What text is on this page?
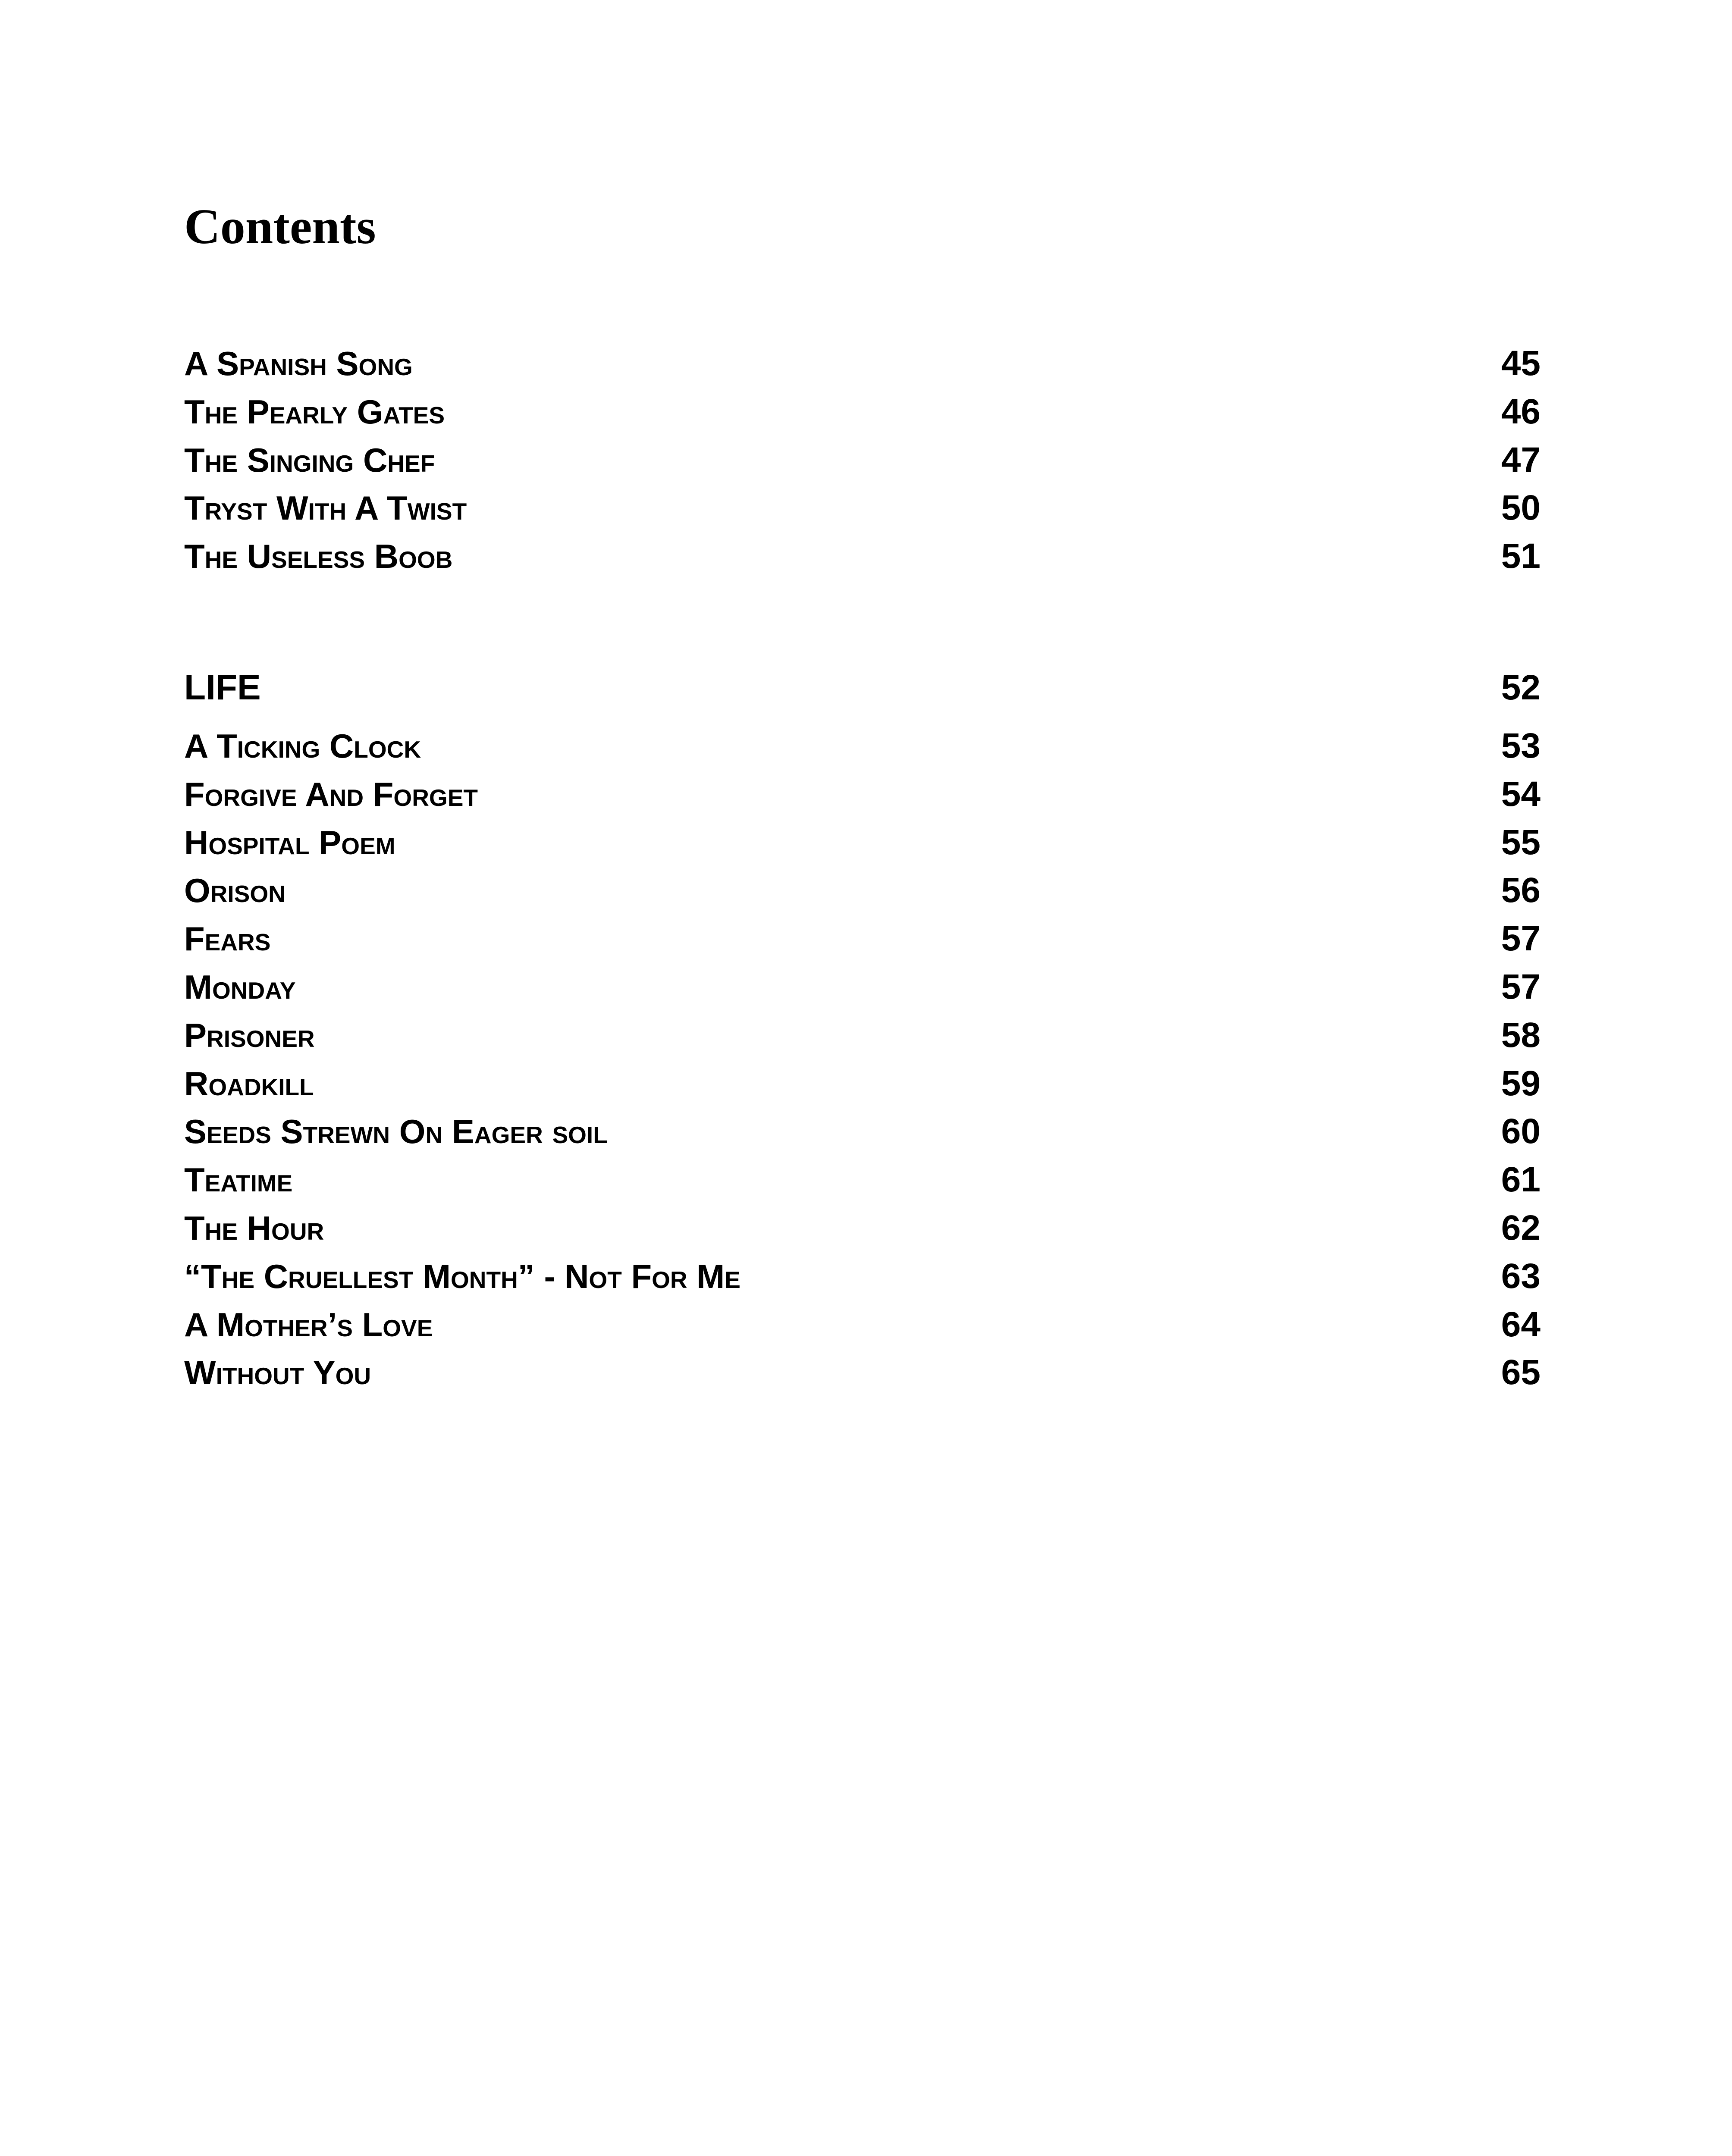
Contents
A Spanish Song	45
The Pearly Gates	46
The Singing Chef	47
Tryst With A Twist	50
The Useless Boob	51
LIFE	52
A Ticking Clock	53
Forgive And Forget	54
Hospital Poem	55
Orison	56
Fears	57
Monday	57
Prisoner	58
Roadkill	59
Seeds Strewn On Eager soil	60
Teatime	61
The Hour	62
“The Cruellest Month” - Not For Me	63
A Mother’s Love	64
Without You	65
